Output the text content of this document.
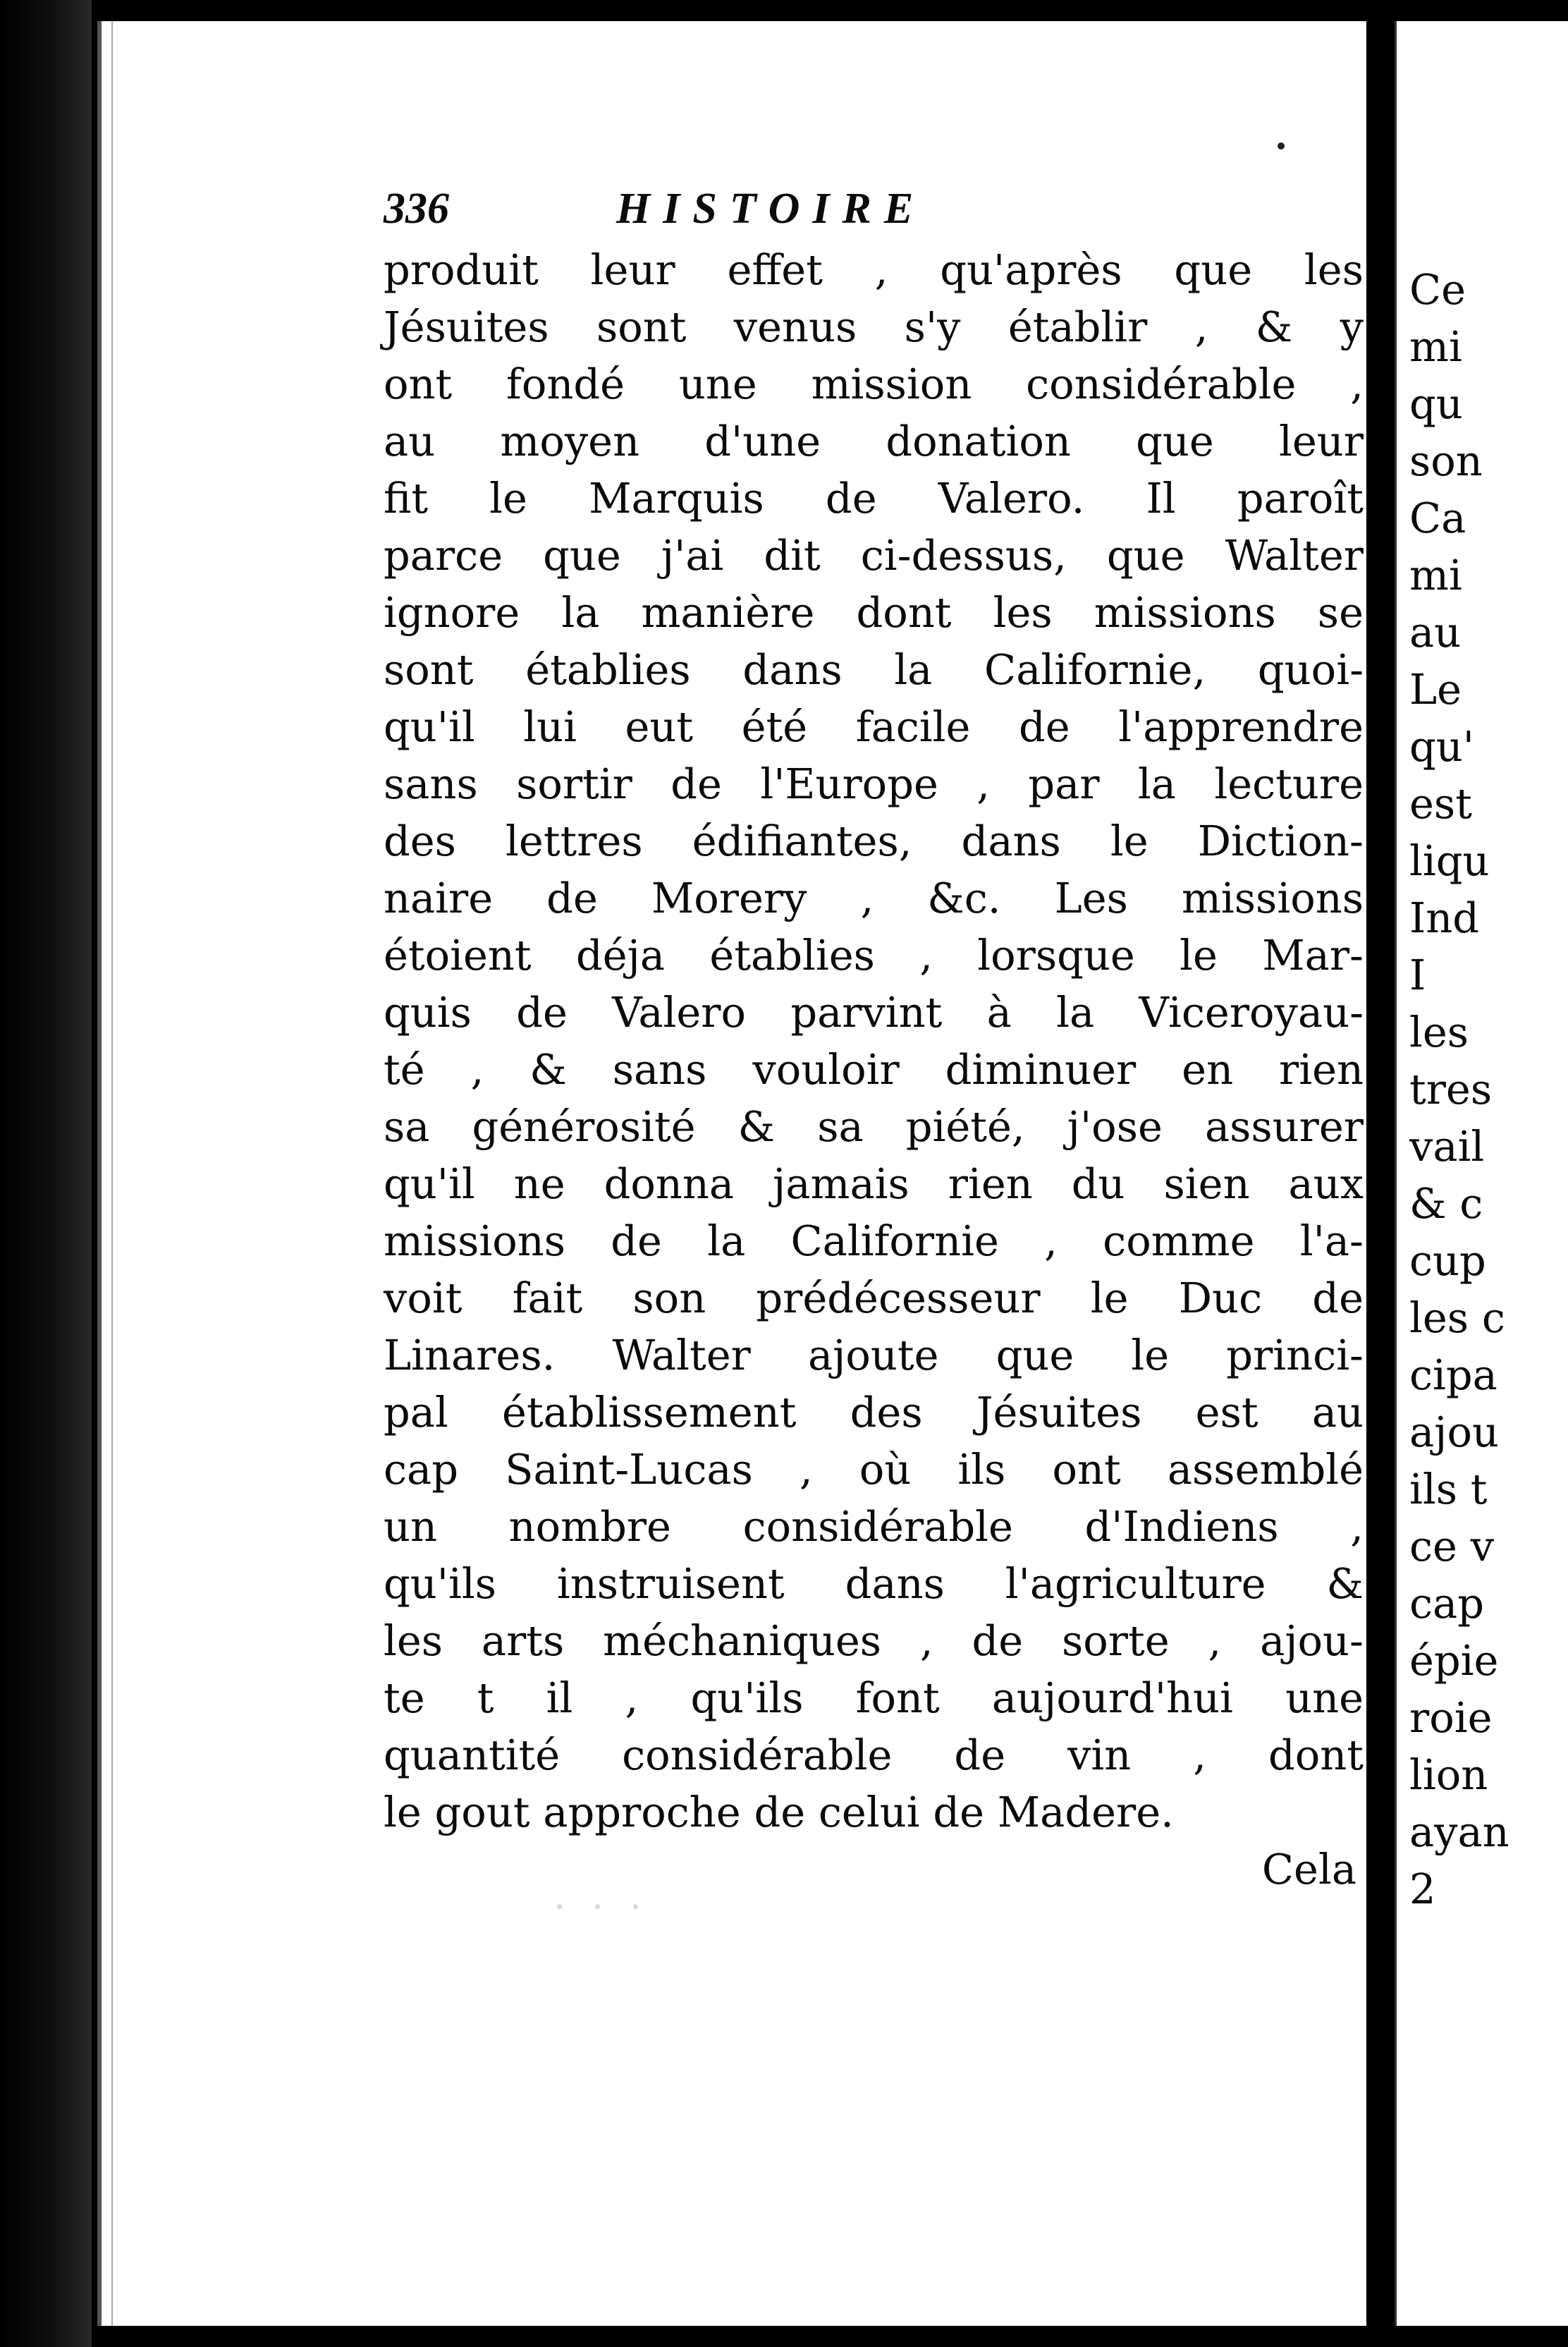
336	HISTOIRE
produit leur effet , qu'après que les
Jésuites sont venus s'y établir , & y
ont fondé une mission considérable ,
au moyen d'une donation que leur
fit le Marquis de Valero. Il paroît
parce que j'ai dit ci-dessus, que Walter
ignore la manière dont les missions se
sont établies dans la Californie, quoi-
qu'il lui eut été facile de l'apprendre
sans sortir de l'Europe , par la lecture
des lettres édifiantes, dans le Diction-
naire de Morery , &c. Les missions
étoient déja établies , lorsque le Mar-
quis de Valero parvint à la Viceroyau-
té , & sans vouloir diminuer en rien
sa générosité & sa piété, j'ose assurer
qu'il ne donna jamais rien du sien aux
missions de la Californie , comme l'a-
voit fait son prédécesseur le Duc de
Linares. Walter ajoute que le princi-
pal établissement des Jésuites est au
cap Saint-Lucas , où ils ont assemblé
un nombre considérable d'Indiens ,
qu'ils instruisent dans l'agriculture &
les arts méchaniques , de sorte , ajou-
te t il , qu'ils font aujourd'hui une
quantité considérable de vin , dont
le gout approche de celui de Madere.
Cela
· · ·
Ce
mi
qu
son
Ca
mi
au
Le
qu'
est
liqu
Ind
I
les
tres
vail
& c
cup
les c
cipa
ajou
ils t
ce v
cap
épie
roie
lion
ayan
2
